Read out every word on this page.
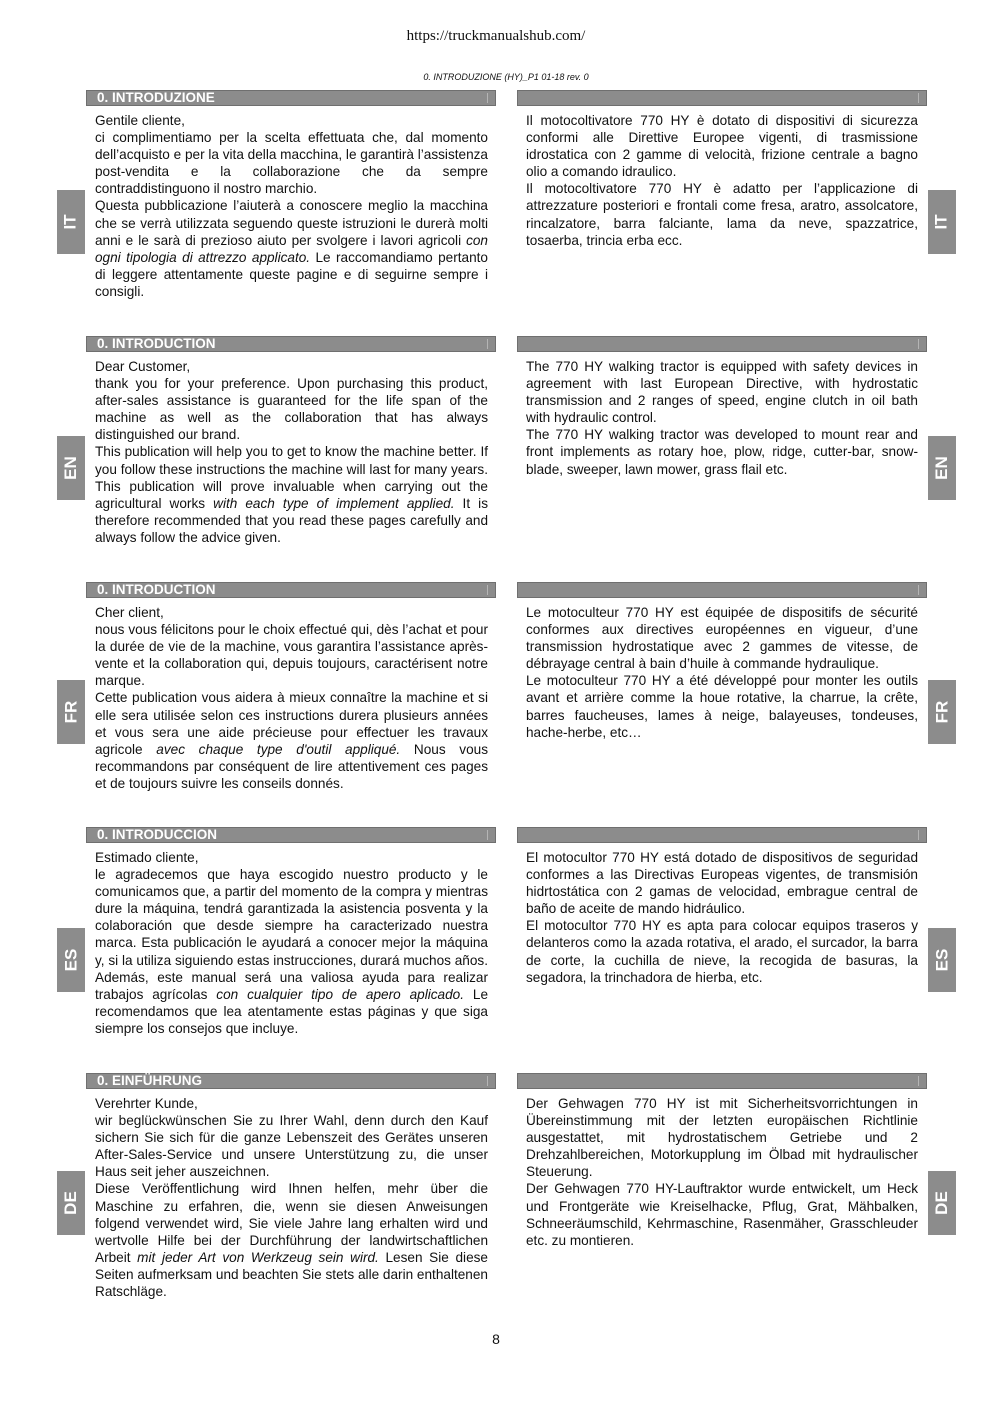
https://truckmanualshub.com/
0. INTRODUZIONE (HY)_P1 01-18 rev. 0
0. INTRODUZIONE

Gentile cliente,

ci complimentiamo per la scelta effettuata che, dal momento dell’acquisto e per la vita della macchina, le garantirà l’assistenza post-vendita e la collaborazione che da sempre contraddistinguono il nostro marchio.

Questa pubblicazione l’aiuterà a conoscere meglio la macchina che se verrà utilizzata seguendo queste istruzioni le durerà molti anni e le sarà di prezioso aiuto per svolgere i lavori agricoli con ogni tipologia di attrezzo applicato. Le raccomandiamo pertanto di leggere attentamente queste pagine e di seguirne sempre i consigli.

Il motocoltivatore 770 HY è dotato di dispositivi di sicurezza conformi alle Direttive Europee vigenti, di trasmissione idrostatica con 2 gamme di velocità, frizione centrale a bagno olio a comando idraulico.

Il motocoltivatore 770 HY è adatto per l’applicazione di attrezzature posteriori e frontali come fresa, aratro, assolcatore, rincalzatore, barra falciante, lama da neve, spazzatrice, tosaerba, trincia erba ecc.

IT	IT
0. INTRODUCTION

Dear Customer,

thank you for your preference. Upon purchasing this product, after-sales assistance is guaranteed for the life span of the machine as well as the collaboration that has always distinguished our brand.

This publication will help you to get to know the machine better. If you follow these instructions the machine will last for many years. This publication will prove invaluable when carrying out the agricultural works with each type of implement applied. It is therefore recommended that you read these pages carefully and always follow the advice given.

The 770 HY walking tractor is equipped with safety devices in agreement with last European Directive, with hydrostatic transmission and 2 ranges of speed, engine clutch in oil bath with hydraulic control.

The 770 HY walking tractor was developed to mount rear and front implements as rotary hoe, plow, ridge, cutter-bar, snow-blade, sweeper, lawn mower, grass flail etc.

EN	EN
0. INTRODUCTION

Cher client,

nous vous félicitons pour le choix effectué qui, dès l’achat et pour la durée de vie de la machine, vous garantira l’assistance après-vente et la collaboration qui, depuis toujours, caractérisent notre marque.

Cette publication vous aidera à mieux connaître la machine et si elle sera utilisée selon ces instructions durera plusieurs années et vous sera une aide précieuse pour effectuer les travaux agricole avec chaque type d'outil appliqué. Nous vous recommandons par conséquent de lire attentivement ces pages et de toujours suivre les conseils donnés.

Le motoculteur 770 HY est équipée de dispositifs de sécurité conformes aux directives européennes en vigueur, d’une transmission hydrostatique avec 2 gammes de vitesse, de débrayage central à bain d’huile à commande hydraulique.

Le motoculteur 770 HY a été développé pour monter les outils avant et arrière comme la houe rotative, la charrue, la crête, barres faucheuses, lames à neige, balayeuses, tondeuses, hache-herbe, etc…

FR	FR
0. INTRODUCCION

Estimado cliente,

le agradecemos que haya escogido nuestro producto y le comunicamos que, a partir del momento de la compra y mientras dure la máquina, tendrá garantizada la asistencia posventa y la colaboración que desde siempre ha caracterizado nuestra marca. Esta publicación le ayudará a conocer mejor la máquina y, si la utiliza siguiendo estas instrucciones, durará muchos años. Además, este manual será una valiosa ayuda para realizar trabajos agrícolas con cualquier tipo de apero aplicado. Le recomendamos que lea atentamente estas páginas y que siga siempre los consejos que incluye.

El motocultor 770 HY está dotado de dispositivos de seguridad conformes a las Directivas Europeas vigentes, de transmisión hidrtostática con 2 gamas de velocidad, embrague central de baño de aceite de mando hidráulico.

El motocultor 770 HY es apta para colocar equipos traseros y delanteros como la azada rotativa, el arado, el surcador, la barra de corte, la cuchilla de nieve, la recogida de basuras, la segadora, la trinchadora de hierba, etc.

ES	ES
0. EINFÜHRUNG

Verehrter Kunde,

wir beglückwünschen Sie zu Ihrer Wahl, denn durch den Kauf sichern Sie sich für die ganze Lebenszeit des Gerätes unseren After-Sales-Service und unsere Unterstützung zu, die unser Haus seit jeher auszeichnen.

Diese Veröffentlichung wird Ihnen helfen, mehr über die Maschine zu erfahren, die, wenn sie diesen Anweisungen folgend verwendet wird, Sie viele Jahre lang erhalten wird und wertvolle Hilfe bei der Durchführung der landwirtschaftlichen Arbeit mit jeder Art von Werkzeug sein wird. Lesen Sie diese Seiten aufmerksam und beachten Sie stets alle darin enthaltenen Ratschläge.

Der Gehwagen 770 HY ist mit Sicherheitsvorrichtungen in Übereinstimmung mit der letzten europäischen Richtlinie ausgestattet, mit hydrostatischem Getriebe und 2 Drehzahlbereichen, Motorkupplung im Ölbad mit hydraulischer Steuerung.

Der Gehwagen 770 HY-Lauftraktor wurde entwickelt, um Heck und Frontgeräte wie Kreiselhacke, Pflug, Grat, Mähbalken, Schneeräumschild, Kehrmaschine, Rasenmäher, Grasschleuder etc. zu montieren.

DE	DE
8
